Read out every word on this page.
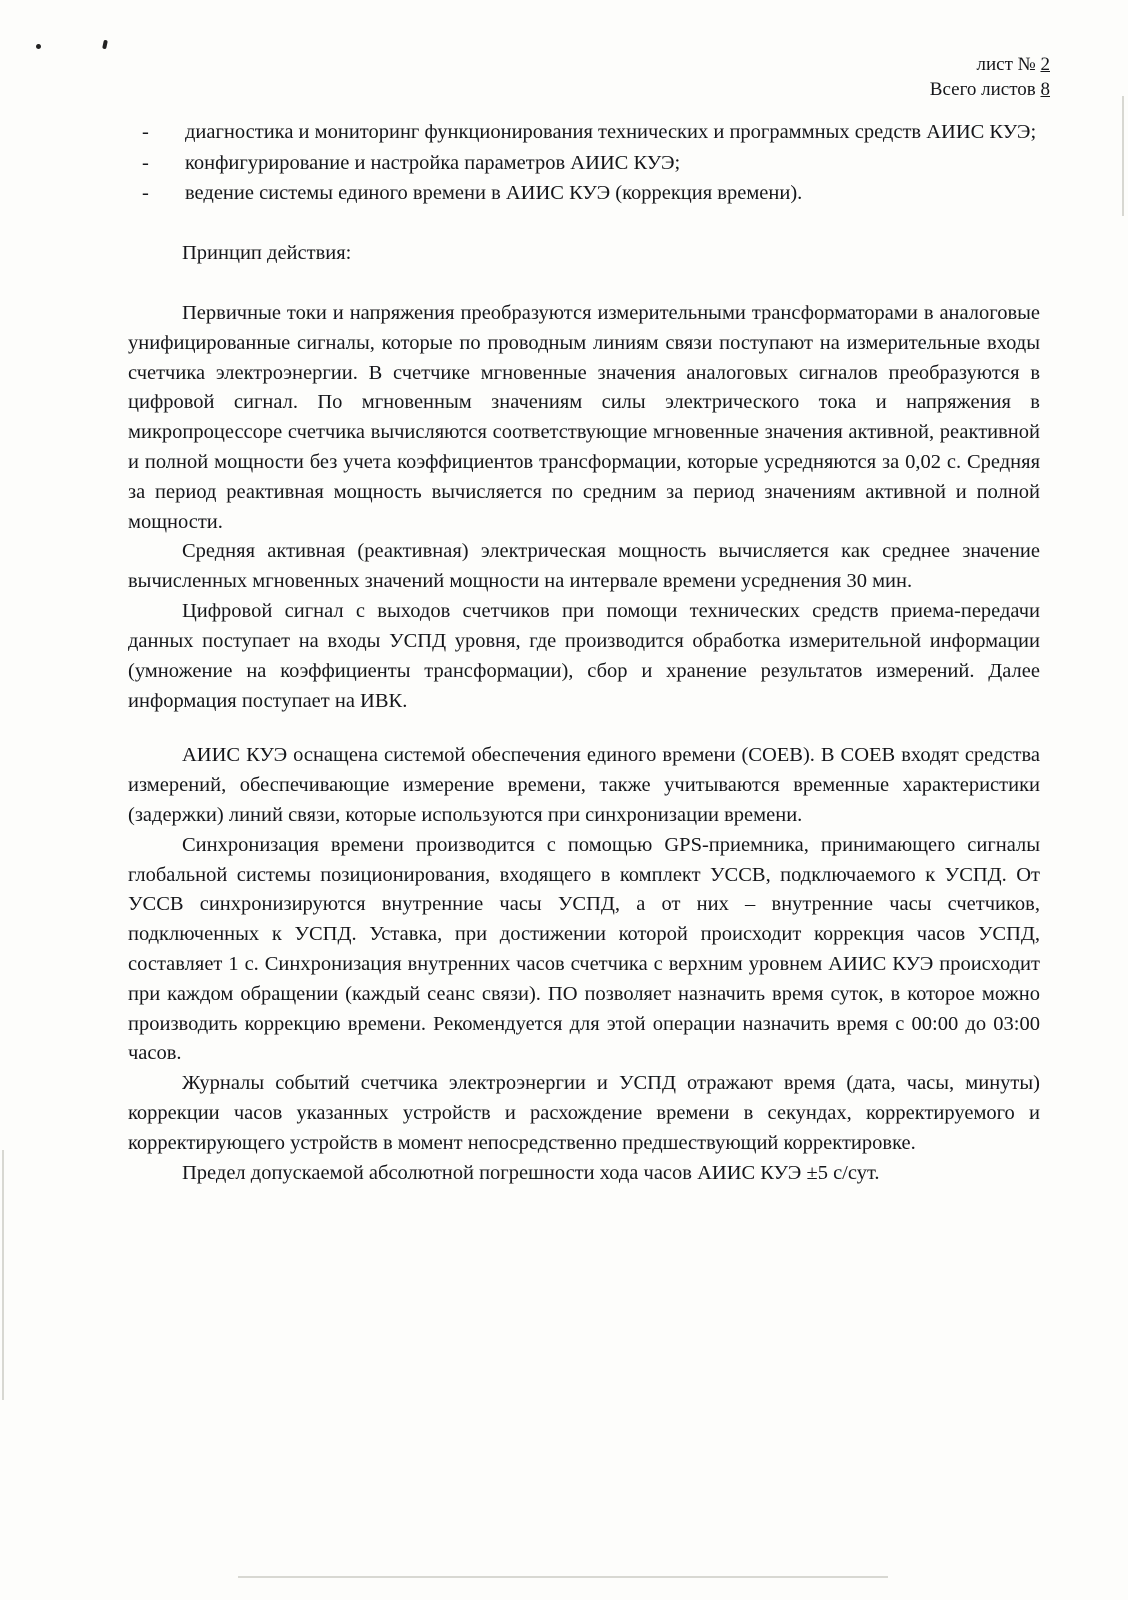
лист № 2
Всего листов 8
- диагностика и мониторинг функционирования технических и программных средств АИИС КУЭ;
- конфигурирование и настройка параметров АИИС КУЭ;
- ведение системы единого времени в АИИС КУЭ (коррекция времени).

Принцип действия:

Первичные токи и напряжения преобразуются измерительными трансформаторами в аналоговые унифицированные сигналы, которые по проводным линиям связи поступают на измерительные входы счетчика электроэнергии. В счетчике мгновенные значения аналоговых сигналов преобразуются в цифровой сигнал. По мгновенным значениям силы электрического тока и напряжения в микропроцессоре счетчика вычисляются соответствующие мгновенные значения активной, реактивной и полной мощности без учета коэффициентов трансформации, которые усредняются за 0,02 с. Средняя за период реактивная мощность вычисляется по средним за период значениям активной и полной мощности.

Средняя активная (реактивная) электрическая мощность вычисляется как среднее значение вычисленных мгновенных значений мощности на интервале времени усреднения 30 мин.

Цифровой сигнал с выходов счетчиков при помощи технических средств приема-передачи данных поступает на входы УСПД уровня, где производится обработка измерительной информации (умножение на коэффициенты трансформации), сбор и хранение результатов измерений. Далее информация поступает на ИВК.

АИИС КУЭ оснащена системой обеспечения единого времени (СОЕВ). В СОЕВ входят средства измерений, обеспечивающие измерение времени, также учитываются временные характеристики (задержки) линий связи, которые используются при синхронизации времени.

Синхронизация времени производится с помощью GPS-приемника, принимающего сигналы глобальной системы позиционирования, входящего в комплект УССВ, подключаемого к УСПД. От УССВ синхронизируются внутренние часы УСПД, а от них – внутренние часы счетчиков, подключенных к УСПД. Уставка, при достижении которой происходит коррекция часов УСПД, составляет 1 с. Синхронизация внутренних часов счетчика с верхним уровнем АИИС КУЭ происходит при каждом обращении (каждый сеанс связи). ПО позволяет назначить время суток, в которое можно производить коррекцию времени. Рекомендуется для этой операции назначить время с 00:00 до 03:00 часов.

Журналы событий счетчика электроэнергии и УСПД отражают время (дата, часы, минуты) коррекции часов указанных устройств и расхождение времени в секундах, корректируемого и корректирующего устройств в момент непосредственно предшествующий корректировке.

Предел допускаемой абсолютной погрешности хода часов АИИС КУЭ ±5 с/сут.
